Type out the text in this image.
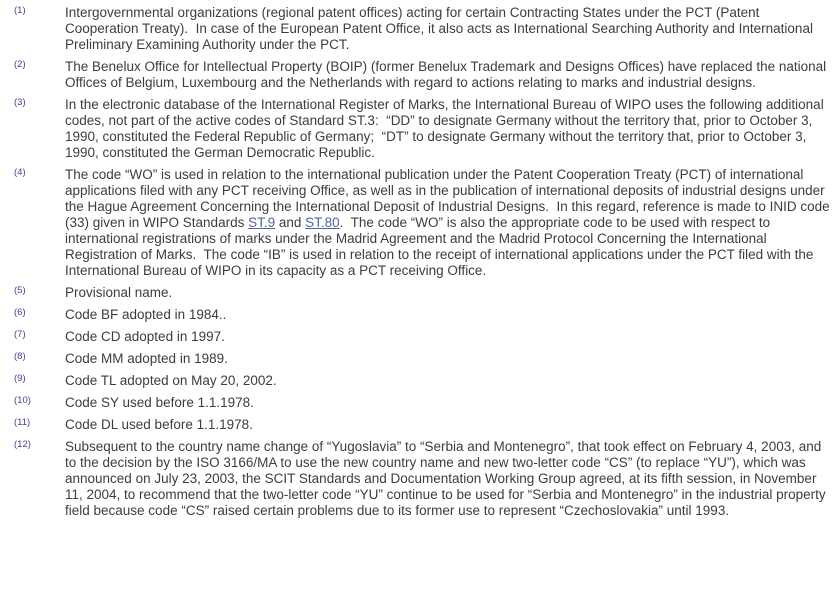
(1)	Intergovernmental organizations (regional patent offices) acting for certain Contracting States under the PCT (Patent Cooperation Treaty).  In case of the European Patent Office, it also acts as International Searching Authority and International Preliminary Examining Authority under the PCT.
(2)	The Benelux Office for Intellectual Property (BOIP) (former Benelux Trademark and Designs Offices) have replaced the national Offices of Belgium, Luxembourg and the Netherlands with regard to actions relating to marks and industrial designs.
(3)	In the electronic database of the International Register of Marks, the International Bureau of WIPO uses the following additional codes, not part of the active codes of Standard ST.3:  “DD” to designate Germany without the territory that, prior to October 3, 1990, constituted the Federal Republic of Germany;  “DT” to designate Germany without the territory that, prior to October 3, 1990, constituted the German Democratic Republic.
(4)	The code “WO” is used in relation to the international publication under the Patent Cooperation Treaty (PCT) of international applications filed with any PCT receiving Office, as well as in the publication of international deposits of industrial designs under the Hague Agreement Concerning the International Deposit of Industrial Designs.  In this regard, reference is made to INID code (33) given in WIPO Standards ST.9 and ST.80.  The code “WO” is also the appropriate code to be used with respect to international registrations of marks under the Madrid Agreement and the Madrid Protocol Concerning the International Registration of Marks.  The code “IB” is used in relation to the receipt of international applications under the PCT filed with the International Bureau of WIPO in its capacity as a PCT receiving Office.
(5)	Provisional name.
(6)	Code BF adopted in 1984..
(7)	Code CD adopted in 1997.
(8)	Code MM adopted in 1989.
(9)	Code TL adopted on May 20, 2002.
(10)	Code SY used before 1.1.1978.
(11)	Code DL used before 1.1.1978.
(12)	Subsequent to the country name change of “Yugoslavia” to “Serbia and Montenegro”, that took effect on February 4, 2003, and to the decision by the ISO 3166/MA to use the new country name and new two-letter code “CS” (to replace “YU”), which was announced on July 23, 2003, the SCIT Standards and Documentation Working Group agreed, at its fifth session, in November 11, 2004, to recommend that the two-letter code “YU” continue to be used for “Serbia and Montenegro” in the industrial property field because code “CS” raised certain problems due to its former use to represent “Czechoslovakia” until 1993.
